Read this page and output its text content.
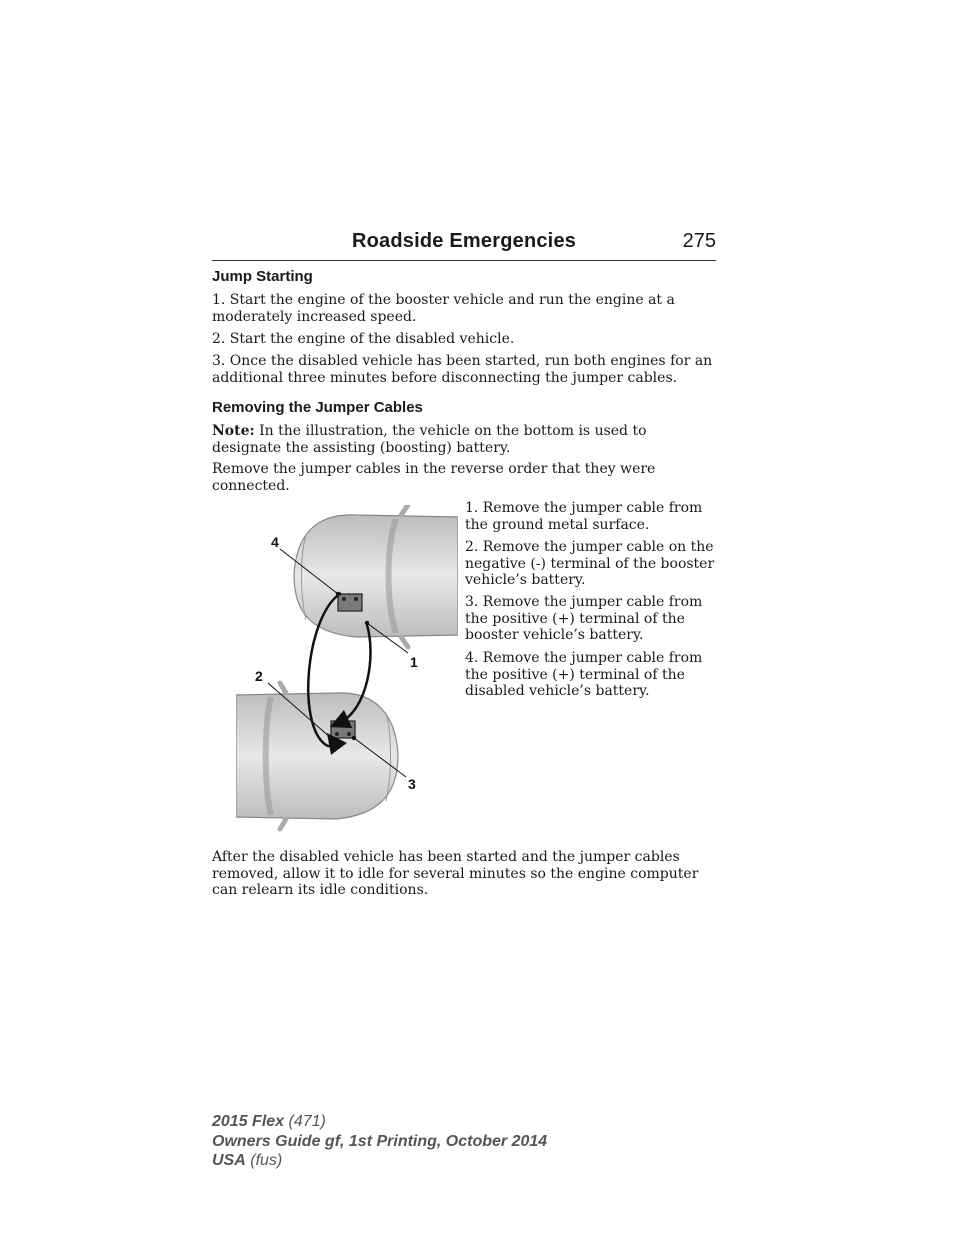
Roadside Emergencies	275
Jump Starting

1. Start the engine of the booster vehicle and run the engine at a moderately increased speed.

2. Start the engine of the disabled vehicle.

3. Once the disabled vehicle has been started, run both engines for an additional three minutes before disconnecting the jumper cables.

Removing the Jumper Cables

Note: In the illustration, the vehicle on the bottom is used to designate the assisting (boosting) battery.

Remove the jumper cables in the reverse order that they were connected.

1. Remove the jumper cable from the ground metal surface.

2. Remove the jumper cable on the negative (-) terminal of the booster vehicle’s battery.

3. Remove the jumper cable from the positive (+) terminal of the booster vehicle’s battery.

4. Remove the jumper cable from the positive (+) terminal of the disabled vehicle’s battery.

4
1
2
3

After the disabled vehicle has been started and the jumper cables removed, allow it to idle for several minutes so the engine computer can relearn its idle conditions.

2015 Flex (471)
Owners Guide gf, 1st Printing, October 2014
USA (fus)
